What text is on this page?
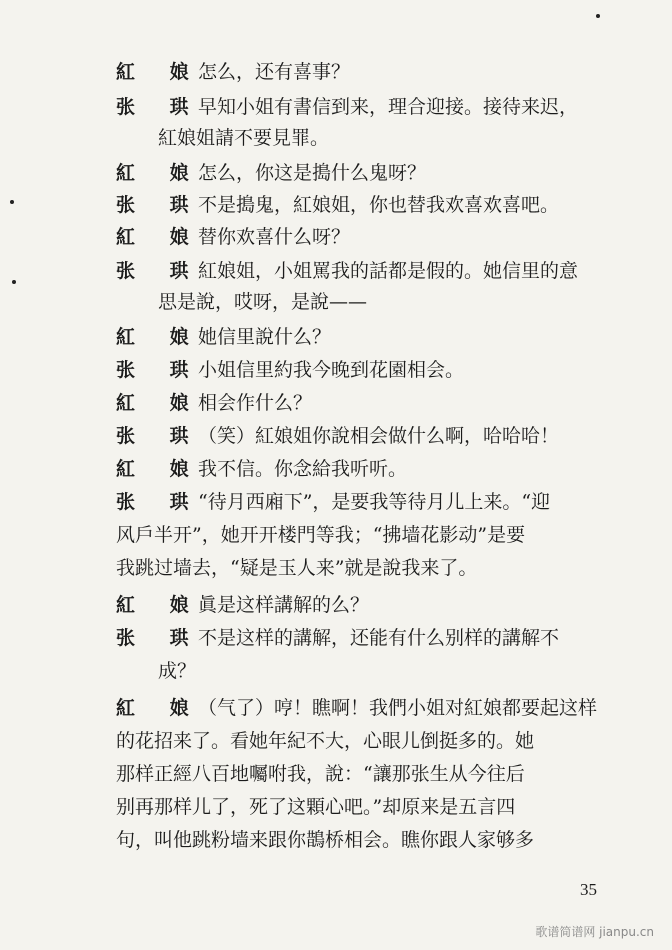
紅 娘
怎么，还有喜事？
张 珙
早知小姐有書信到来，理合迎接。接待来迟，
紅娘姐請不要見罪。
紅 娘
怎么，你这是搗什么鬼呀？
张 珙
不是搗鬼，紅娘姐，你也替我欢喜欢喜吧。
紅 娘
替你欢喜什么呀？
张 珙
紅娘姐，小姐罵我的話都是假的。她信里的意
思是說，哎呀，是說——
紅 娘
她信里說什么？
张 珙
小姐信里約我今晚到花園相会。
紅 娘
相会作什么？
张 珙
（笑）紅娘姐你說相会做什么啊，哈哈哈！
紅 娘
我不信。你念給我听听。
张 珙
“待月西廂下”，是要我等待月儿上来。“迎
风戶半开”，她开开楼門等我；“拂墙花影动”是要
我跳过墙去，“疑是玉人来”就是說我来了。
紅 娘
眞是这样講解的么？
张 珙
不是这样的講解，还能有什么别样的講解不
成？
紅 娘
（气了）哼！瞧啊！我們小姐对紅娘都要起这样
的花招来了。看她年紀不大，心眼儿倒挺多的。她
那样正經八百地囑咐我，說：“讓那张生从今往后
别再那样儿了，死了这顆心吧。”却原来是五言四
句，叫他跳粉墙来跟你鵲桥相会。瞧你跟人家够多
35
歌谱简谱网 jianpu.cn
